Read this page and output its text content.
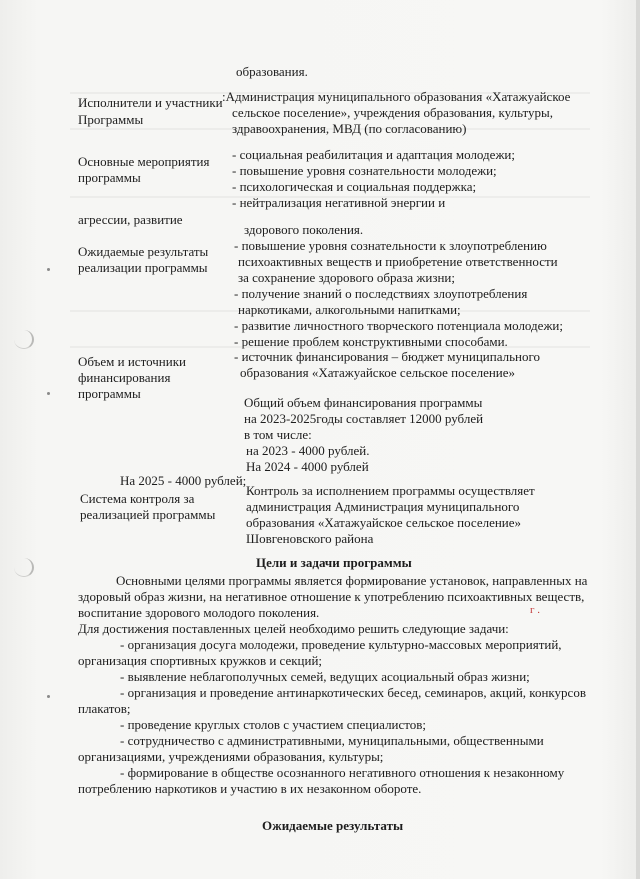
образования.
Исполнители и участники
Программы
:Администрация муниципального образования «Хатажуайское
сельское поселение», учреждения образования, культуры,
здравоохранения, МВД (по согласованию)
Основные мероприятия
программы
- социальная реабилитация и адаптация молодежи;
- повышение уровня сознательности молодежи;
- психологическая и социальная поддержка;
- нейтрализация негативной энергии и
агрессии, развитие
здорового поколения.
Ожидаемые результаты
реализации программы
- повышение уровня сознательности к злоупотреблению
психоактивных веществ и приобретение ответственности
за сохранение здорового образа жизни;
- получение знаний о последствиях злоупотребления
наркотиками, алкогольными напитками;
- развитие личностного творческого потенциала молодежи;
- решение проблем конструктивными способами.
Объем и источники
финансирования
программы
- источник финансирования – бюджет муниципального
образования «Хатажуайское сельское поселение»
Общий объем финансирования программы
на 2023-2025годы составляет 12000 рублей
в том числе:
на 2023 - 4000 рублей.
На 2024 - 4000 рублей
На 2025 - 4000 рублей;
Система контроля за
реализацией программы
Контроль за исполнением программы осуществляет
администрация Администрация муниципального
образования «Хатажуайское сельское поселение»
Шовгеновского района
Цели и задачи программы
Основными целями программы является формирование установок, направленных на
здоровый образ жизни, на негативное отношение к употреблению психоактивных веществ,
воспитание здорового молодого поколения.
Для достижения поставленных целей необходимо решить следующие задачи:
г .
- организация досуга молодежи, проведение культурно-массовых мероприятий,
организация спортивных кружков и секций;
- выявление неблагополучных семей, ведущих асоциальный образ жизни;
- организация и проведение антинаркотических бесед, семинаров, акций, конкурсов
плакатов;
- проведение круглых столов с участием специалистов;
- сотрудничество с административными, муниципальными, общественными
организациями, учреждениями образования, культуры;
- формирование в обществе осознанного негативного отношения к незаконному
потреблению наркотиков и участию в их незаконном обороте.
Ожидаемые результаты
